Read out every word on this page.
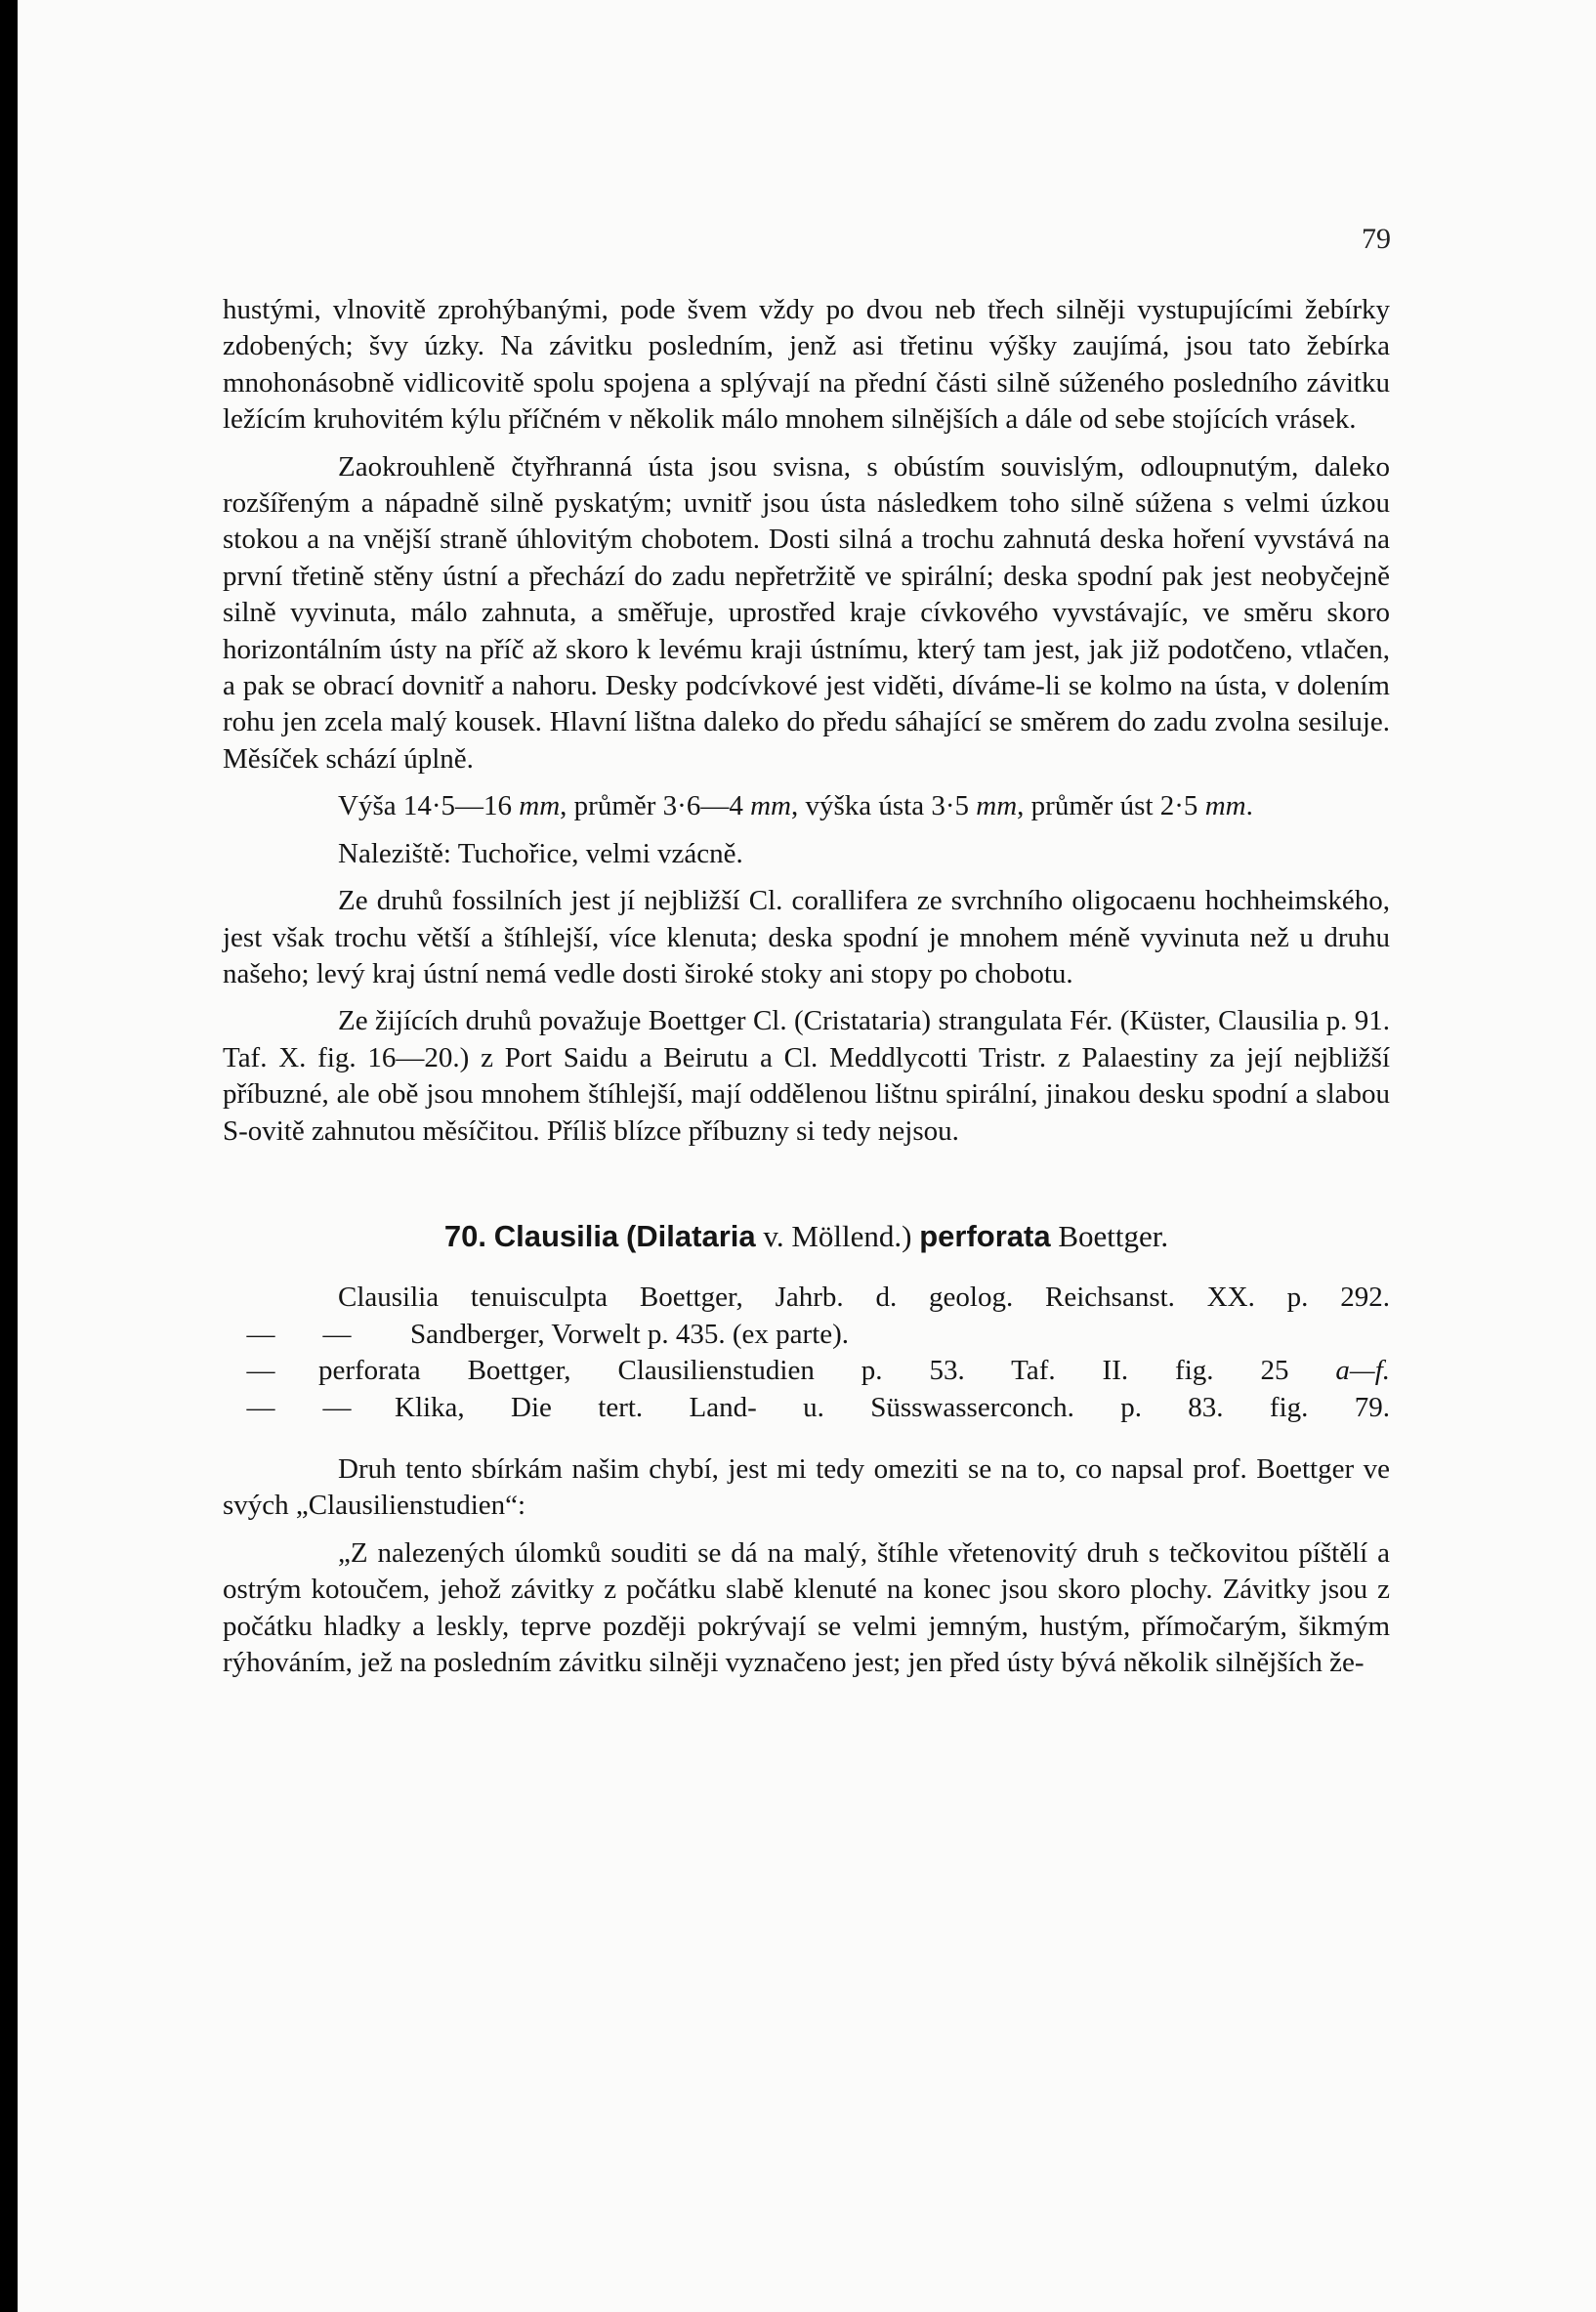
79

hustými, vlnovitě zprohýbanými, pode švem vždy po dvou neb třech silněji vystupujícími žebírky zdobených; švy úzky. Na závitku posledním, jenž asi třetinu výšky zaujímá, jsou tato žebírka mnohonásobně vidlicovitě spolu spojena a splývají na přední části silně súženého posledního závitku ležícím kruhovitém kýlu příčném v několik málo mnohem silnějších a dále od sebe stojících vrásek.

Zaokrouhleně čtyřhranná ústa jsou svisna, s obústím souvislým, odloupnutým, daleko rozšířeným a nápadně silně pyskatým; uvnitř jsou ústa následkem toho silně súžena s velmi úzkou stokou a na vnější straně úhlovitým chobotem. Dosti silná a trochu zahnutá deska hoření vyvstává na první třetině stěny ústní a přechází do zadu nepřetržitě ve spirální; deska spodní pak jest neobyčejně silně vyvinuta, málo zahnuta, a směřuje, uprostřed kraje cívkového vyvstávajíc, ve směru skoro horizontálním ústy na příč až skoro k levému kraji ústnímu, který tam jest, jak již podotčeno, vtlačen, a pak se obrací dovnitř a nahoru. Desky podcívkové jest viděti, díváme-li se kolmo na ústa, v dolením rohu jen zcela malý kousek. Hlavní lištna daleko do předu sáhající se směrem do zadu zvolna sesiluje. Měsíček schází úplně.

Výša 14·5—16 mm, průměr 3·6—4 mm, výška ústa 3·5 mm, průměr úst 2·5 mm.

Naleziště: Tuchořice, velmi vzácně.

Ze druhů fossilních jest jí nejbližší Cl. corallifera ze svrchního oligocaenu hochheimského, jest však trochu větší a štíhlejší, více klenuta; deska spodní je mnohem méně vyvinuta než u druhu našeho; levý kraj ústní nemá vedle dosti široké stoky ani stopy po chobotu.

Ze žijících druhů považuje Boettger Cl. (Cristataria) strangulata Fér. (Küster, Clausilia p. 91. Taf. X. fig. 16—20.) z Port Saidu a Beirutu a Cl. Meddlycotti Tristr. z Palaestiny za její nejbližší příbuzné, ale obě jsou mnohem štíhlejší, mají oddělenou lištnu spirální, jinakou desku spodní a slabou S-ovitě zahnutou měsíčitou. Příliš blízce příbuzny si tedy nejsou.

70. Clausilia (Dilataria v. Möllend.) perforata Boettger.

Clausilia tenuisculpta Boettger, Jahrb. d. geolog. Reichsanst. XX. p. 292.
—	—	Sandberger, Vorwelt p. 435. (ex parte).
—	perforata Boettger, Clausilienstudien p. 53. Taf. II. fig. 25 a—f.
—	—	Klika, Die tert. Land- u. Süsswasserconch. p. 83. fig. 79.

Druh tento sbírkám našim chybí, jest mi tedy omeziti se na to, co napsal prof. Boettger ve svých „Clausilienstudien“:

„Z nalezených úlomků souditi se dá na malý, štíhle vřetenovitý druh s tečkovitou píštělí a ostrým kotoučem, jehož závitky z počátku slabě klenuté na konec jsou skoro plochy. Závitky jsou z počátku hladky a leskly, teprve později pokrývají se velmi jemným, hustým, přímočarým, šikmým rýhováním, jež na posledním závitku silněji vyznačeno jest; jen před ústy bývá několik silnějších že-
